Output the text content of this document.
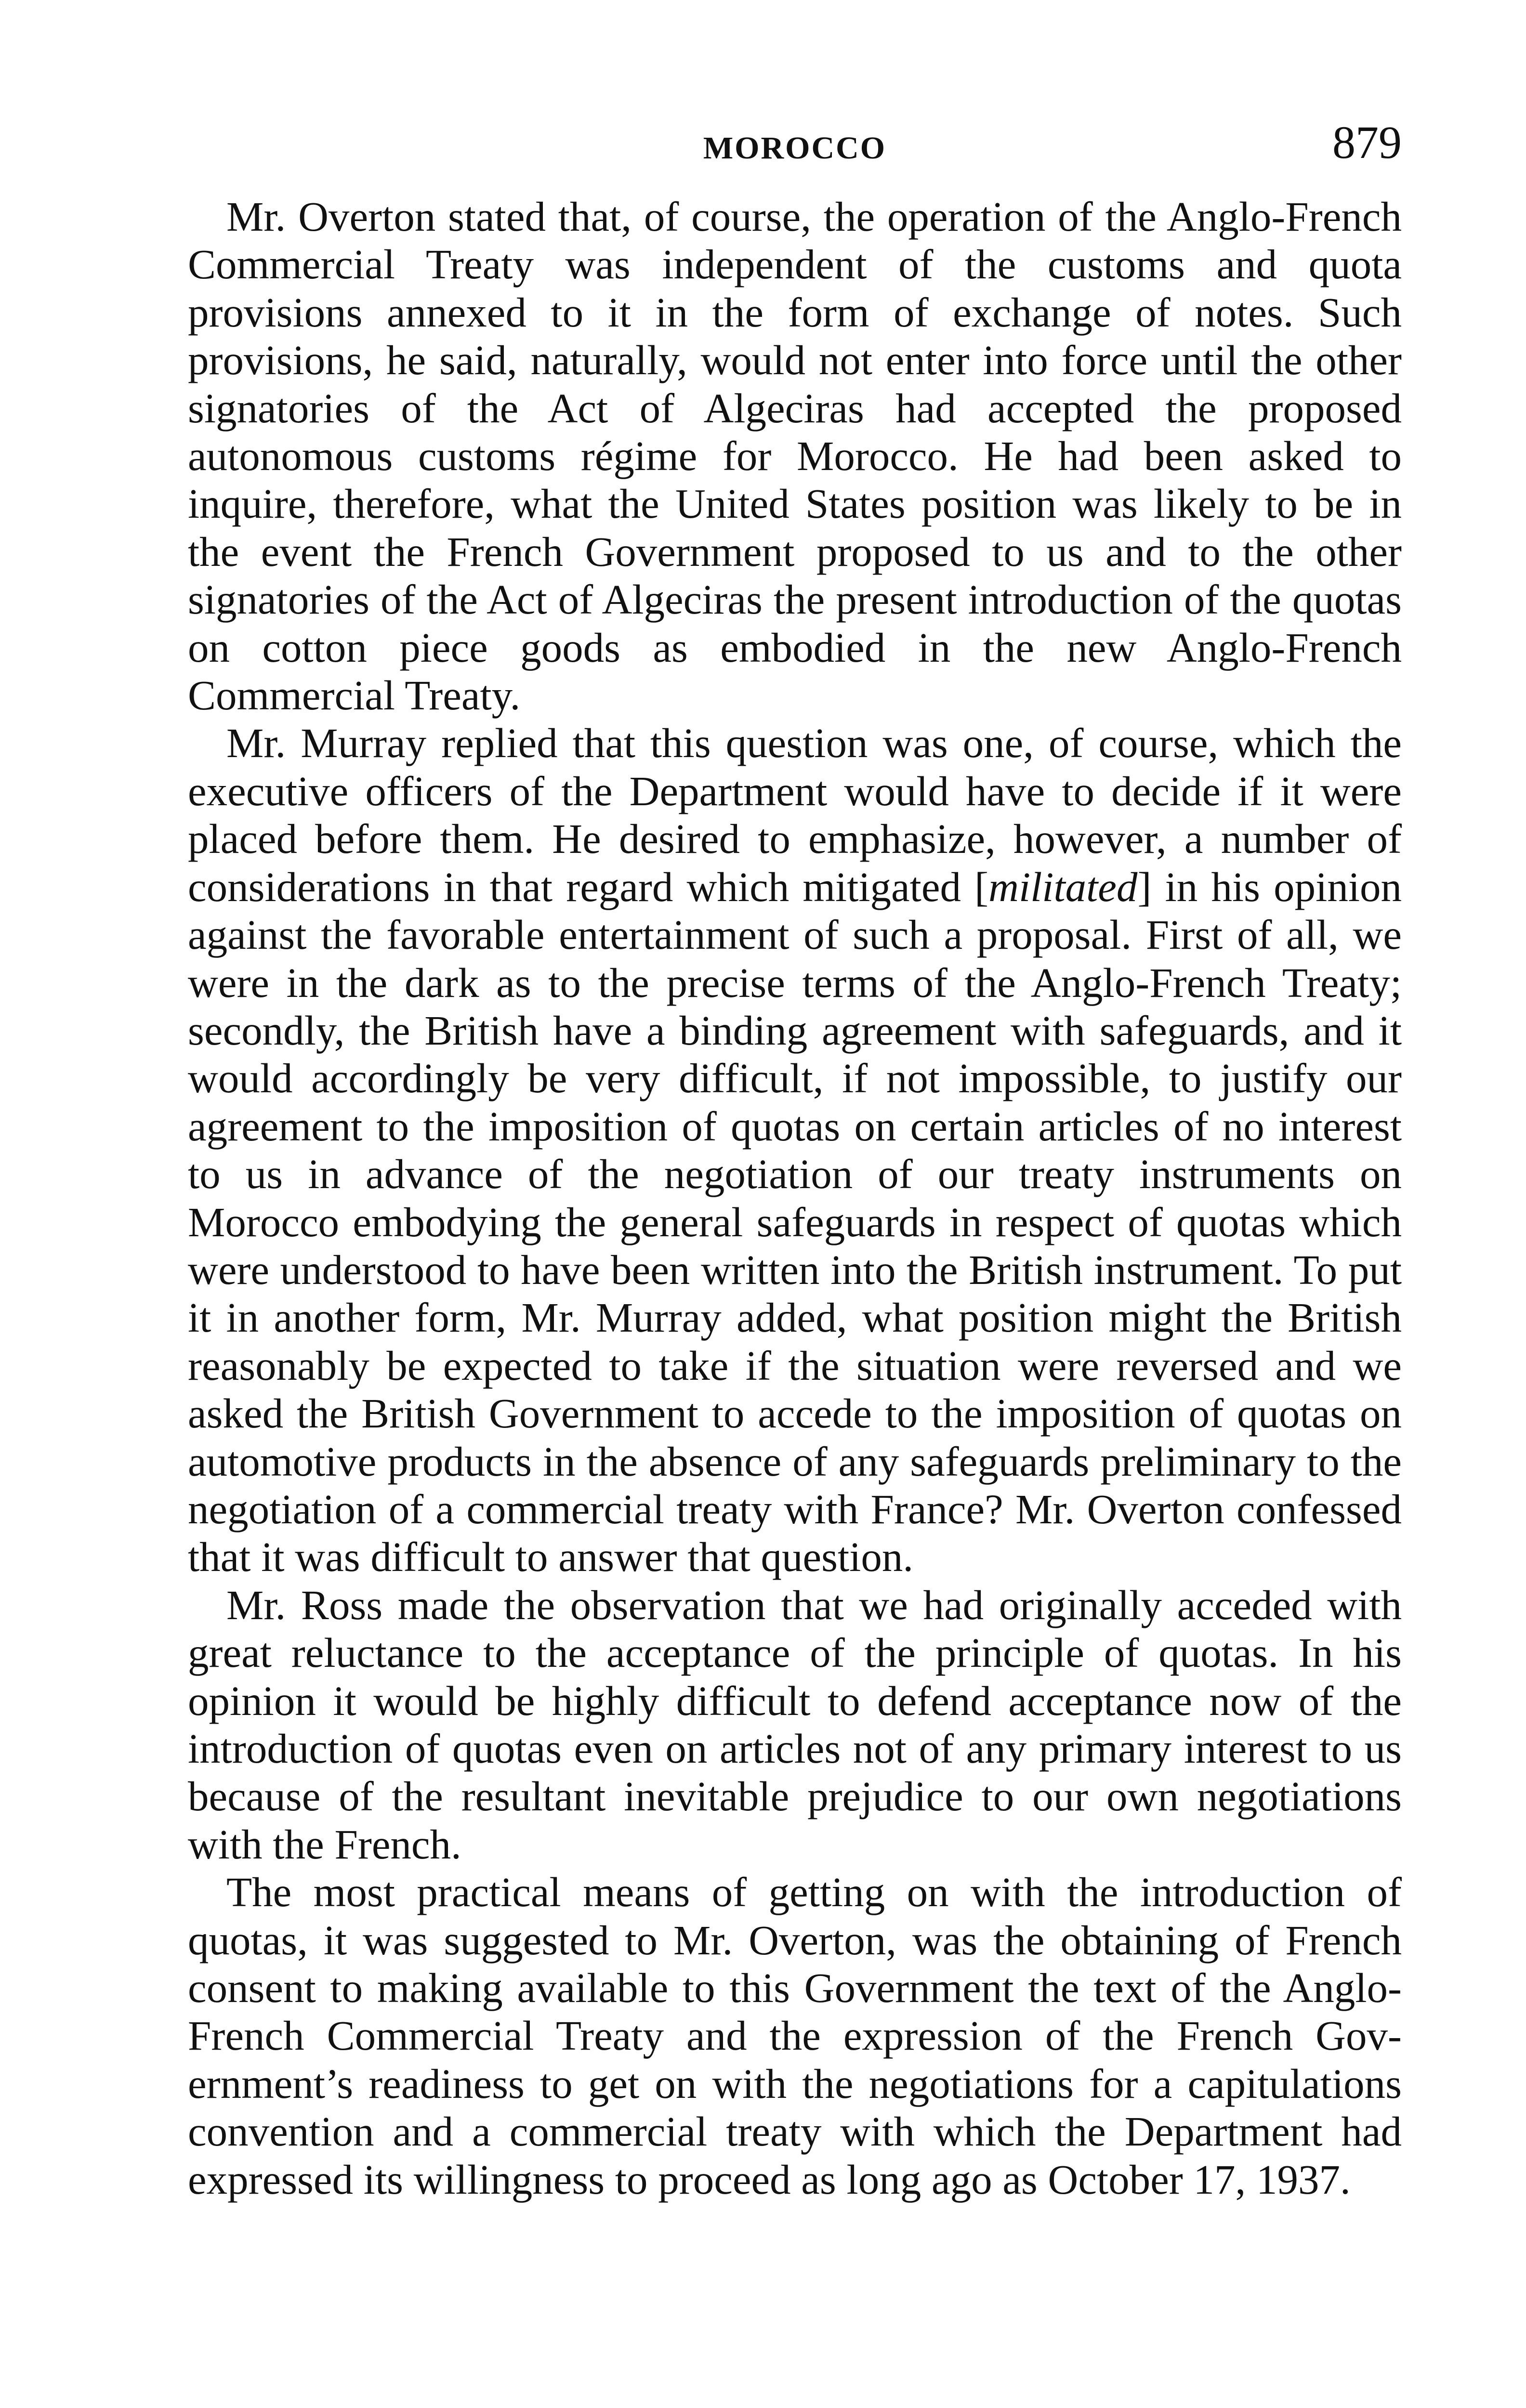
MOROCCO	879

Mr. Overton stated that, of course, the operation of the Anglo-French Commercial Treaty was independent of the customs and quota provisions annexed to it in the form of exchange of notes. Such provisions, he said, naturally, would not enter into force until the other signatories of the Act of Algeciras had accepted the proposed autonomous customs régime for Morocco. He had been asked to inquire, therefore, what the United States position was likely to be in the event the French Government proposed to us and to the other signatories of the Act of Algeciras the present introduction of the quotas on cotton piece goods as embodied in the new Anglo-French Commercial Treaty.

Mr. Murray replied that this question was one, of course, which the executive officers of the Department would have to decide if it were placed before them. He desired to emphasize, however, a number of considerations in that regard which mitigated [militated] in his opinion against the favorable entertainment of such a proposal. First of all, we were in the dark as to the precise terms of the Anglo-French Treaty; secondly, the British have a binding agreement with safeguards, and it would accordingly be very difficult, if not impossible, to justify our agreement to the imposition of quotas on certain articles of no interest to us in advance of the negotiation of our treaty instruments on Morocco embodying the general safeguards in respect of quotas which were understood to have been written into the British instrument. To put it in another form, Mr. Murray added, what position might the British reasonably be expected to take if the situation were reversed and we asked the British Government to accede to the imposition of quotas on automotive products in the absence of any safeguards preliminary to the negotiation of a commercial treaty with France? Mr. Overton confessed that it was difficult to answer that question.

Mr. Ross made the observation that we had originally acceded with great reluctance to the acceptance of the principle of quotas. In his opinion it would be highly difficult to defend acceptance now of the introduction of quotas even on articles not of any primary interest to us because of the resultant inevitable prejudice to our own negotiations with the French.

The most practical means of getting on with the introduction of quotas, it was suggested to Mr. Overton, was the obtaining of French consent to making available to this Government the text of the Anglo-French Commercial Treaty and the expression of the French Government’s readiness to get on with the negotiations for a capitulations convention and a commercial treaty with which the Department had expressed its willingness to proceed as long ago as October 17, 1937.
